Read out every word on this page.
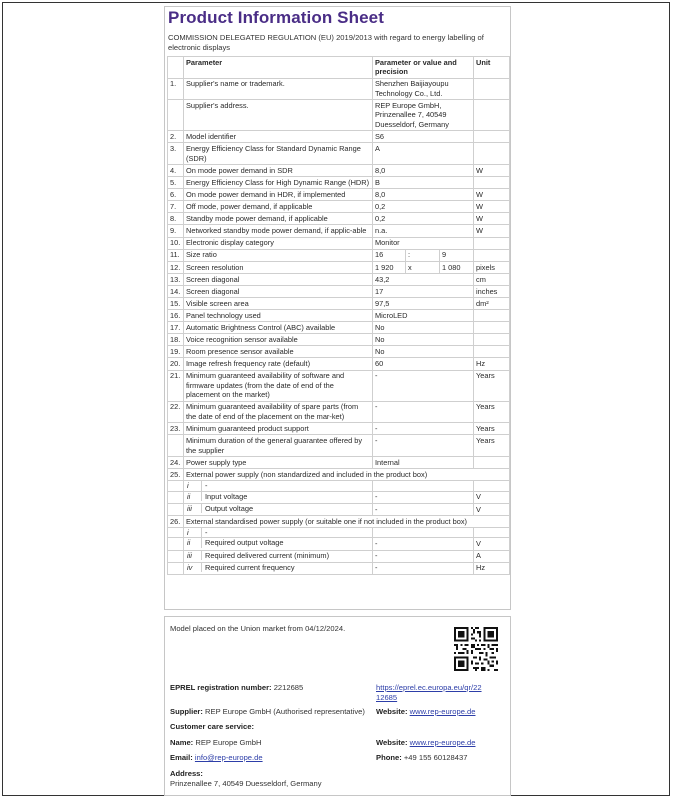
Product Information Sheet
COMMISSION DELEGATED REGULATION (EU) 2019/2013 with regard to energy labelling of electronic displays
	Parameter	Parameter or value and precision			Unit
1.	Supplier's name or trademark.	Shenzhen Baijiayoupu Technology Co., Ltd.			
	Supplier's address.	REP Europe GmbH, Prinzenallee 7, 40549 Duesseldorf, Germany			
2.	Model identifier	S6			
3.	Energy Efficiency Class for Standard Dynamic Range (SDR)	A			
4.	On mode power demand in SDR	8,0			W
5.	Energy Efficiency Class for High Dynamic Range (HDR)	B			
6.	On mode power demand in HDR, if implemented	8,0			W
7.	Off mode, power demand, if applicable	0,2			W
8.	Standby mode power demand, if applicable	0,2			W
9.	Networked standby mode power demand, if applic-able	n.a.			W
10.	Electronic display category	Monitor			
11.	Size ratio	16	:	9	
12.	Screen resolution	1 920	x	1 080	pixels
13.	Screen diagonal	43,2			cm
14.	Screen diagonal	17			inches
15.	Visible screen area	97,5			dm²
16.	Panel technology used	MicroLED			
17.	Automatic Brightness Control (ABC) available	No			
18.	Voice recognition sensor available	No			
19.	Room presence sensor available	No			
20.	Image refresh frequency rate (default)	60			Hz
21.	Minimum guaranteed availability of software and firmware updates (from the date of end of the placement on the market)	-			Years
22.	Minimum guaranteed availability of spare parts (from the date of end of the placement on the mar-ket)	-			Years
23.	Minimum guaranteed product support	-			Years
	Minimum duration of the general guarantee offered by the supplier	-			Years
24.	Power supply type	Internal			
25.	External power supply (non standardized and included in the product box)				

	i -				

	ii Input voltage	-			V

	iii Output voltage	-			V
26.	External standardised power supply (or suitable one if not included in the product box)				

	i -				

	ii Required output voltage	-			V

	iii Required delivered current (minimum)	-			A

	iv Required current frequency	-			Hz
Model placed on the Union market from 04/12/2024.
EPREL registration number: 2212685	https://eprel.ec.europa.eu/qr/22
12685
Supplier: REP Europe GmbH (Authorised representative) Website: www.rep-europe.de
Customer care service:
Name: REP Europe GmbH	Website: www.rep-europe.de
Email: info@rep-europe.de	Phone: +49 155 60128437
Address:
Prinzenallee 7, 40549 Duesseldorf, Germany
